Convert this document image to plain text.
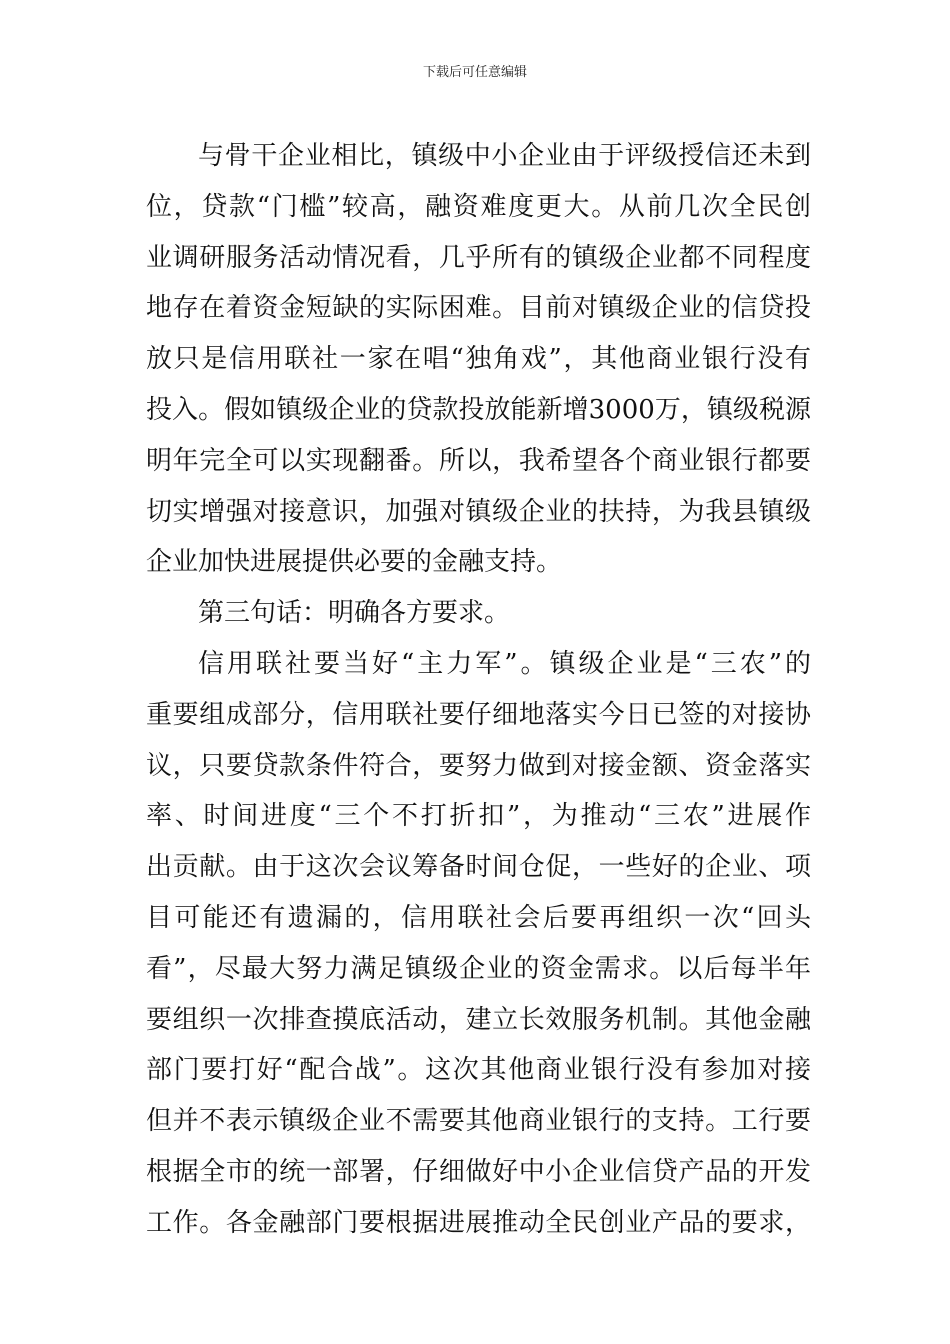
下载后可任意编辑
与骨干企业相比，镇级中小企业由于评级授信还未到
位，贷款“门槛”较高，融资难度更大。从前几次全民创
业调研服务活动情况看，几乎所有的镇级企业都不同程度
地存在着资金短缺的实际困难。目前对镇级企业的信贷投
放只是信用联社一家在唱“独角戏”，其他商业银行没有
投入。假如镇级企业的贷款投放能新增3000万，镇级税源
明年完全可以实现翻番。所以，我希望各个商业银行都要
切实增强对接意识，加强对镇级企业的扶持，为我县镇级
企业加快进展提供必要的金融支持。
第三句话：明确各方要求。
信用联社要当好“主力军”。镇级企业是“三农”的
重要组成部分，信用联社要仔细地落实今日已签的对接协
议，只要贷款条件符合，要努力做到对接金额、资金落实
率、时间进度“三个不打折扣”，为推动“三农”进展作
出贡献。由于这次会议筹备时间仓促，一些好的企业、项
目可能还有遗漏的，信用联社会后要再组织一次“回头
看”，尽最大努力满足镇级企业的资金需求。以后每半年
要组织一次排查摸底活动，建立长效服务机制。其他金融
部门要打好“配合战”。这次其他商业银行没有参加对接
但并不表示镇级企业不需要其他商业银行的支持。工行要
根据全市的统一部署，仔细做好中小企业信贷产品的开发
工作。各金融部门要根据进展推动全民创业产品的要求，
